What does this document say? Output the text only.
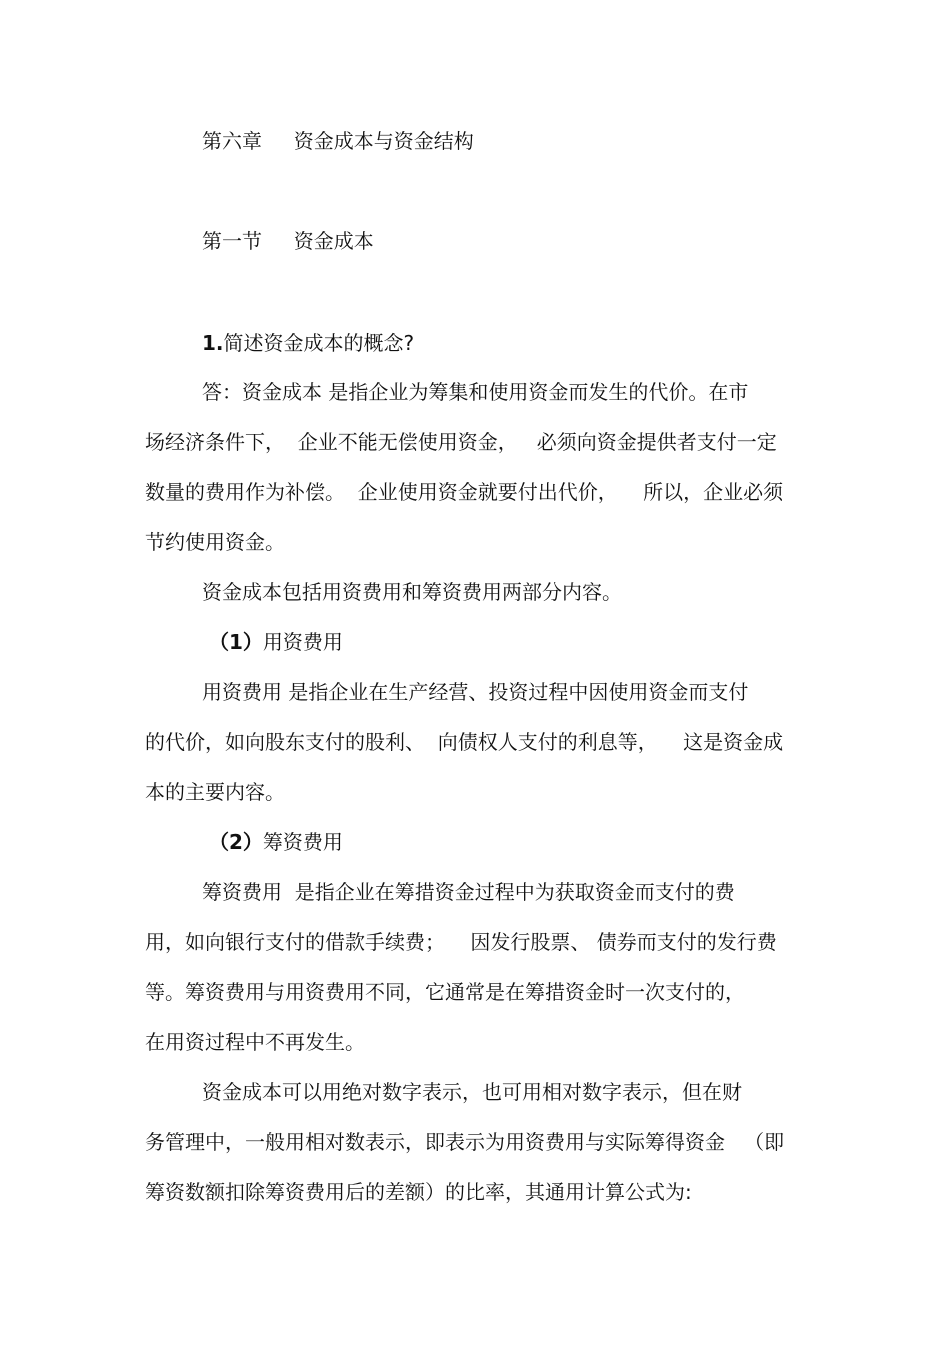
第六章     资金成本与资金结构
第一节     资金成本
1.简述资金成本的概念?
答：资金成本 是指企业为筹集和使用资金而发生的代价。在市
场经济条件下，  企业不能无偿使用资金，   必须向资金提供者支付一定
数量的费用作为补偿。  企业使用资金就要付出代价，    所以，企业必须
节约使用资金。
资金成本包括用资费用和筹资费用两部分内容。
（1）用资费用
用资费用 是指企业在生产经营、投资过程中因使用资金而支付
的代价，如向股东支付的股利、  向债权人支付的利息等，    这是资金成
本的主要内容。
（2）筹资费用
筹资费用  是指企业在筹措资金过程中为获取资金而支付的费
用，如向银行支付的借款手续费；    因发行股票、 债券而支付的发行费
等。筹资费用与用资费用不同，它通常是在筹措资金时一次支付的，
在用资过程中不再发生。
资金成本可以用绝对数字表示，也可用相对数字表示，但在财
务管理中，一般用相对数表示，即表示为用资费用与实际筹得资金   （即
筹资数额扣除筹资费用后的差额）的比率，其通用计算公式为:
